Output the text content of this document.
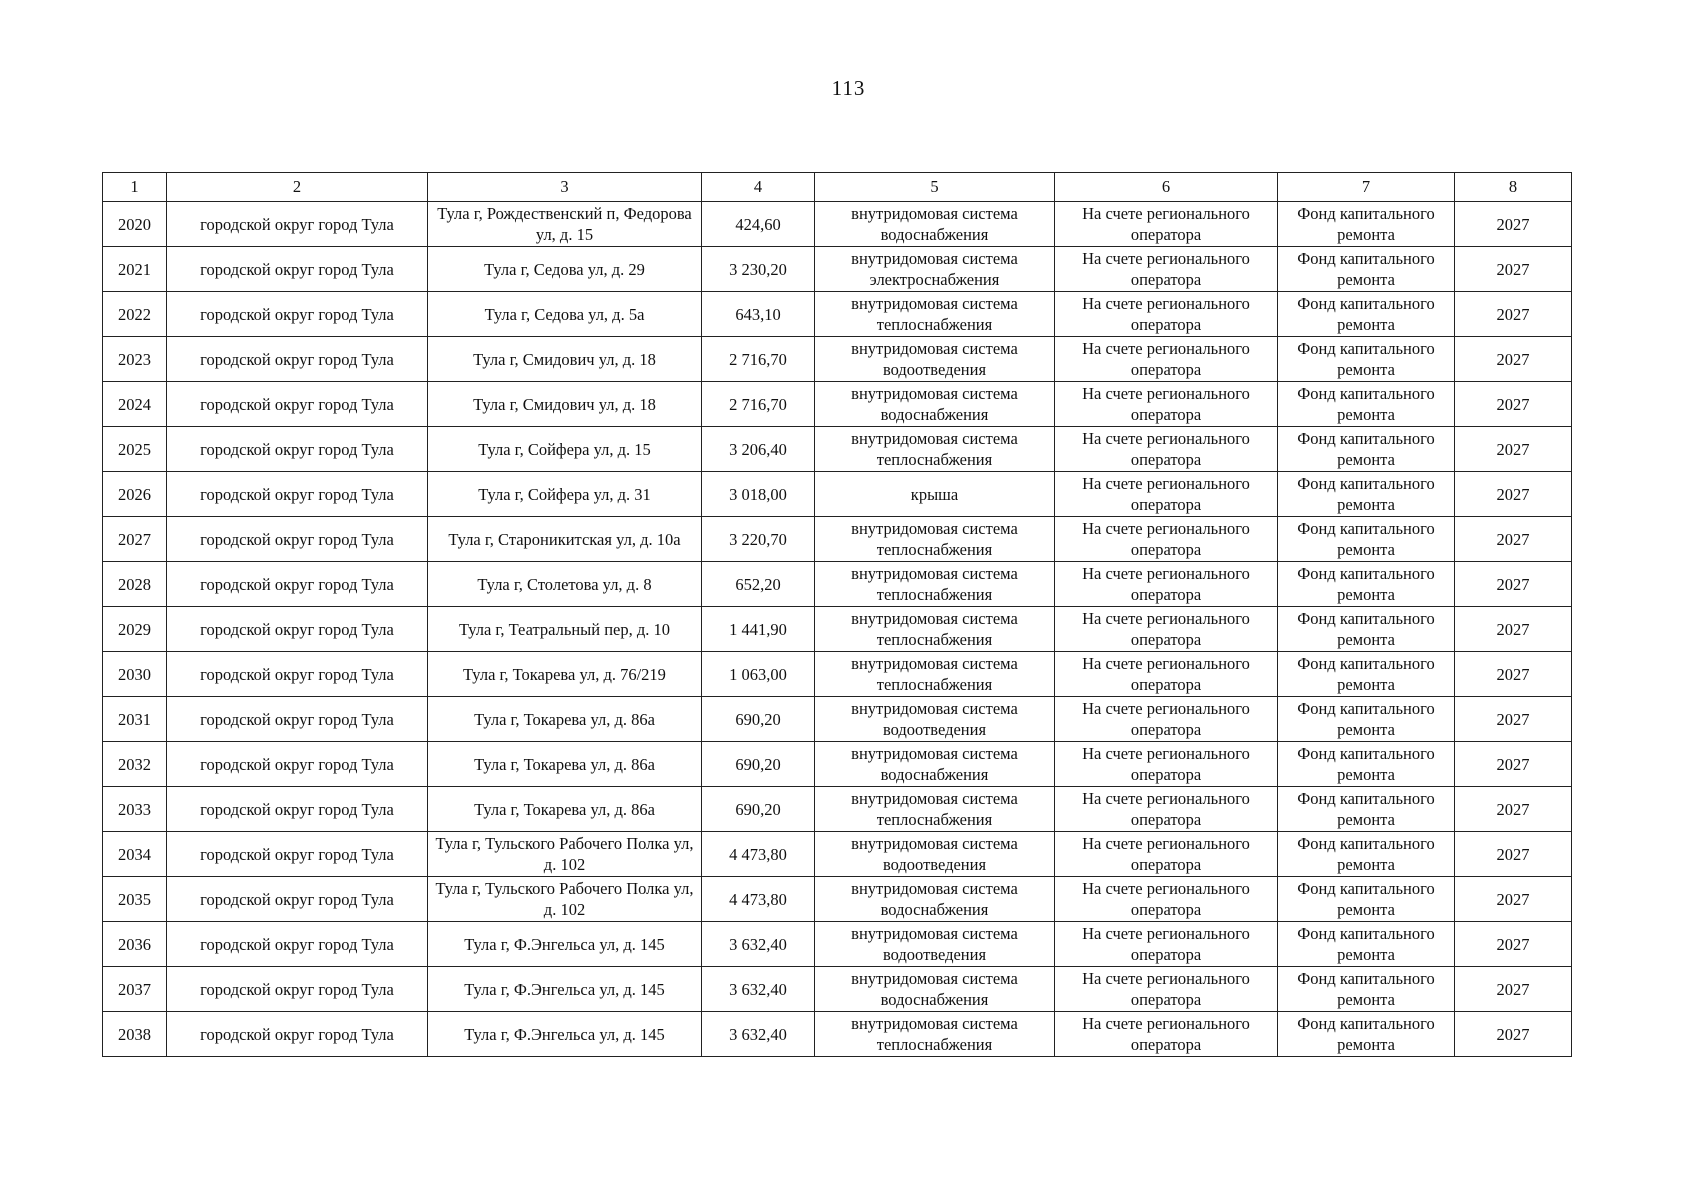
113
1	2	3	4	5	6	7	8
2020	городской округ город Тула	Тула г, Рождественский п, Федорова ул, д. 15	424,60	внутридомовая система водоснабжения	На счете регионального оператора	Фонд капитального ремонта	2027
2021	городской округ город Тула	Тула г, Седова ул, д. 29	3 230,20	внутридомовая система электроснабжения	На счете регионального оператора	Фонд капитального ремонта	2027
2022	городской округ город Тула	Тула г, Седова ул, д. 5а	643,10	внутридомовая система теплоснабжения	На счете регионального оператора	Фонд капитального ремонта	2027
2023	городской округ город Тула	Тула г, Смидович ул, д. 18	2 716,70	внутридомовая система водоотведения	На счете регионального оператора	Фонд капитального ремонта	2027
2024	городской округ город Тула	Тула г, Смидович ул, д. 18	2 716,70	внутридомовая система водоснабжения	На счете регионального оператора	Фонд капитального ремонта	2027
2025	городской округ город Тула	Тула г, Сойфера ул, д. 15	3 206,40	внутридомовая система теплоснабжения	На счете регионального оператора	Фонд капитального ремонта	2027
2026	городской округ город Тула	Тула г, Сойфера ул, д. 31	3 018,00	крыша	На счете регионального оператора	Фонд капитального ремонта	2027
2027	городской округ город Тула	Тула г, Староникитская ул, д. 10а	3 220,70	внутридомовая система теплоснабжения	На счете регионального оператора	Фонд капитального ремонта	2027
2028	городской округ город Тула	Тула г, Столетова ул, д. 8	652,20	внутридомовая система теплоснабжения	На счете регионального оператора	Фонд капитального ремонта	2027
2029	городской округ город Тула	Тула г, Театральный пер, д. 10	1 441,90	внутридомовая система теплоснабжения	На счете регионального оператора	Фонд капитального ремонта	2027
2030	городской округ город Тула	Тула г, Токарева ул, д. 76/219	1 063,00	внутридомовая система теплоснабжения	На счете регионального оператора	Фонд капитального ремонта	2027
2031	городской округ город Тула	Тула г, Токарева ул, д. 86а	690,20	внутридомовая система водоотведения	На счете регионального оператора	Фонд капитального ремонта	2027
2032	городской округ город Тула	Тула г, Токарева ул, д. 86а	690,20	внутридомовая система водоснабжения	На счете регионального оператора	Фонд капитального ремонта	2027
2033	городской округ город Тула	Тула г, Токарева ул, д. 86а	690,20	внутридомовая система теплоснабжения	На счете регионального оператора	Фонд капитального ремонта	2027
2034	городской округ город Тула	Тула г, Тульского Рабочего Полка ул, д. 102	4 473,80	внутридомовая система водоотведения	На счете регионального оператора	Фонд капитального ремонта	2027
2035	городской округ город Тула	Тула г, Тульского Рабочего Полка ул, д. 102	4 473,80	внутридомовая система водоснабжения	На счете регионального оператора	Фонд капитального ремонта	2027
2036	городской округ город Тула	Тула г, Ф.Энгельса ул, д. 145	3 632,40	внутридомовая система водоотведения	На счете регионального оператора	Фонд капитального ремонта	2027
2037	городской округ город Тула	Тула г, Ф.Энгельса ул, д. 145	3 632,40	внутридомовая система водоснабжения	На счете регионального оператора	Фонд капитального ремонта	2027
2038	городской округ город Тула	Тула г, Ф.Энгельса ул, д. 145	3 632,40	внутридомовая система теплоснабжения	На счете регионального оператора	Фонд капитального ремонта	2027
